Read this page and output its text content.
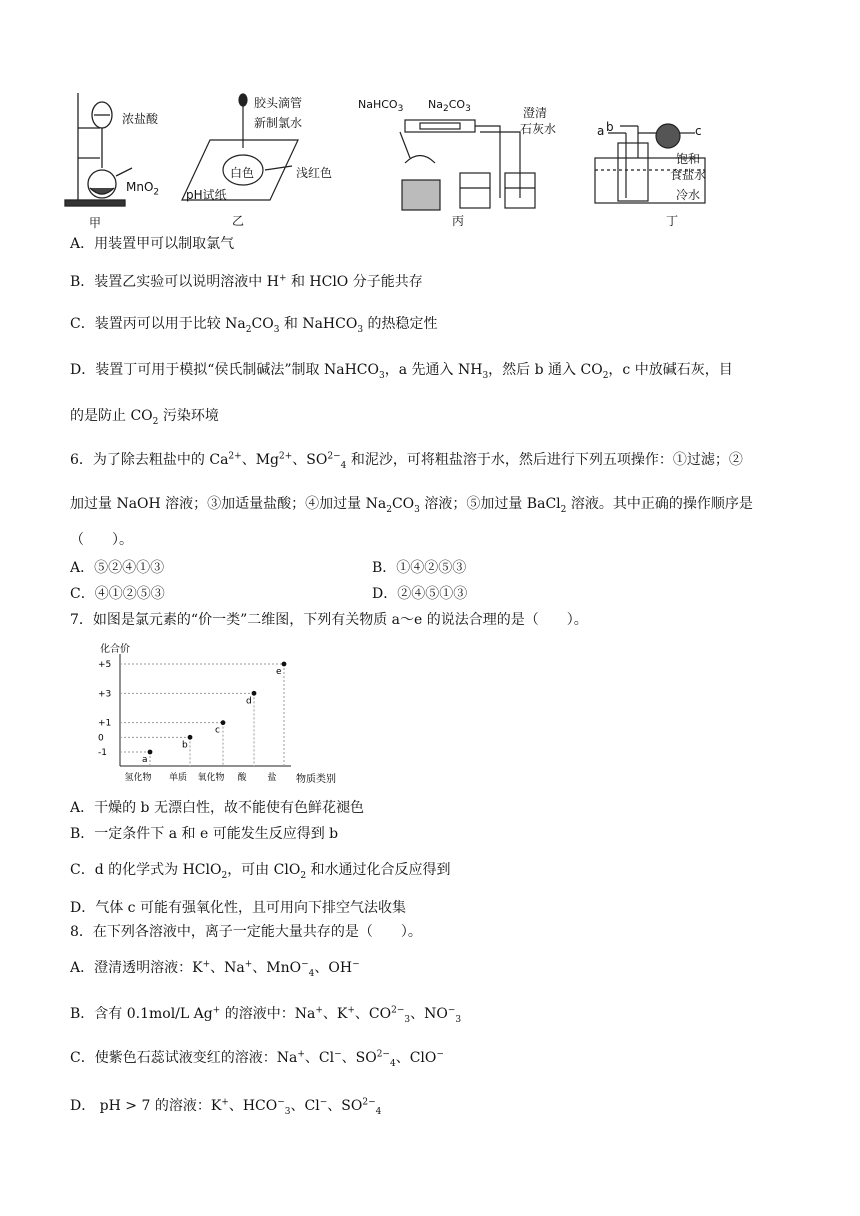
浓盐酸
MnO$_2$
甲
胶头滴管
新制氯水
白色	浅红色
pH试纸
乙
NaHCO$_3$ $Na_2CO_3$	澄清
石灰水
丙
a b	c
饱和
食盐水
冷水
丁
A．用装置甲可以制取氯气
B．装置乙实验可以说明溶液中 H+ 和 HClO 分子能共存
C．装置丙可以用于比较 $Na_2CO_3$ 和 NaHCO$_3$ 的热稳定性
D．装置丁可用于模拟“侯氏制碱法”制取 NaHCO$_3$，a 先通入 $NH_3$，然后 b 通入 $CO_2$，c 中放碱石灰，目
的是防止 $CO_2$ 污染环境
6．为了除去粗盐中的 $Ca^{2+}$、$Mg^{2+}$、$SO^{2-}_4$ 和泥沙，可将粗盐溶于水，然后进行下列五项操作：①过滤；②
加过量 NaOH 溶液；③加适量盐酸；④加过量 $Na_2CO_3$ 溶液；⑤加过量 BaCl$_2$ 溶液。其中正确的操作顺序是
（　　）。
A．⑤②④①③	B．①④②⑤③
C．④①②⑤③	D．②④⑤①③
7．如图是氯元素的“价一类”二维图，下列有关物质 a～e 的说法合理的是（　　）。
化合价
物质类别
+5
+3
+1
0
-1
氢化物 单质 氧化物 酸 盐
a
b
c
d
e
A．干燥的 b 无漂白性，故不能使有色鲜花褪色
B．一定条件下 a 和 e 可能发生反应得到 b
C．d 的化学式为 HClO$_2$，可由 ClO$_2$ 和水通过化合反应得到
D．气体 c 可能有强氧化性，且可用向下排空气法收集
8．在下列各溶液中，离子一定能大量共存的是（　　）。
A．澄清透明溶液：K+、Na+、MnO−$_4$、OH−
B．含有 0.1mol/L Ag+ 的溶液中：Na+、K+、$CO^{2-}_3$、$NO^-_3$
C．使紫色石蕊试液变红的溶液：Na+、Cl−、$SO^{2-}_4$、ClO−
D． pH > 7 的溶液：K+、$HCO^-_3$、Cl−、$SO^{2-}_4$
